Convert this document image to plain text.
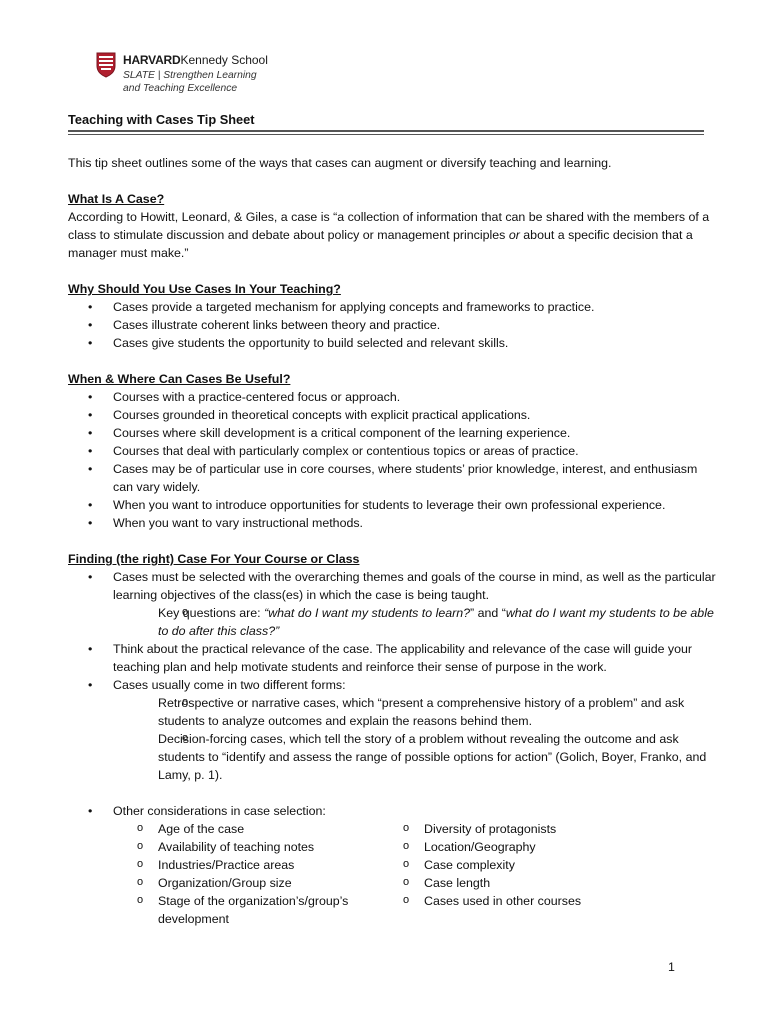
HARVARDKennedy School
SLATE | Strengthen Learning
and Teaching Excellence
Teaching with Cases Tip Sheet

This tip sheet outlines some of the ways that cases can augment or diversify teaching and learning.

What Is A Case?

According to Howitt, Leonard, & Giles, a case is “a collection of information that can be shared with the members of a class to stimulate discussion and debate about policy or management principles or about a specific decision that a manager must make.”

Why Should You Use Cases In Your Teaching?

• Cases provide a targeted mechanism for applying concepts and frameworks to practice.
• Cases illustrate coherent links between theory and practice.
• Cases give students the opportunity to build selected and relevant skills.

When & Where Can Cases Be Useful?

• Courses with a practice-centered focus or approach.
• Courses grounded in theoretical concepts with explicit practical applications.
• Courses where skill development is a critical component of the learning experience.
• Courses that deal with particularly complex or contentious topics or areas of practice.
• Cases may be of particular use in core courses, where students’ prior knowledge, interest, and enthusiasm can vary widely.
• When you want to introduce opportunities for students to leverage their own professional experience.
• When you want to vary instructional methods.

Finding (the right) Case For Your Course or Class

• Cases must be selected with the overarching themes and goals of the course in mind, as well as the particular learning objectives of the class(es) in which the case is being taught.
o Key questions are: “what do I want my students to learn?” and “what do I want my students to be able to do after this class?”
• Think about the practical relevance of the case. The applicability and relevance of the case will guide your teaching plan and help motivate students and reinforce their sense of purpose in the work.
• Cases usually come in two different forms:
o Retrospective or narrative cases, which “present a comprehensive history of a problem” and ask students to analyze outcomes and explain the reasons behind them.
o Decision-forcing cases, which tell the story of a problem without revealing the outcome and ask students to “identify and assess the range of possible options for action” (Golich, Boyer, Franko, and Lamy, p. 1).
• Other considerations in case selection:
o Age of the case
o Availability of teaching notes
o Industries/Practice areas
o Organization/Group size
o Stage of the organization’s/group’s development
o Diversity of protagonists
o Location/Geography
o Case complexity
o Case length
o Cases used in other courses
1
